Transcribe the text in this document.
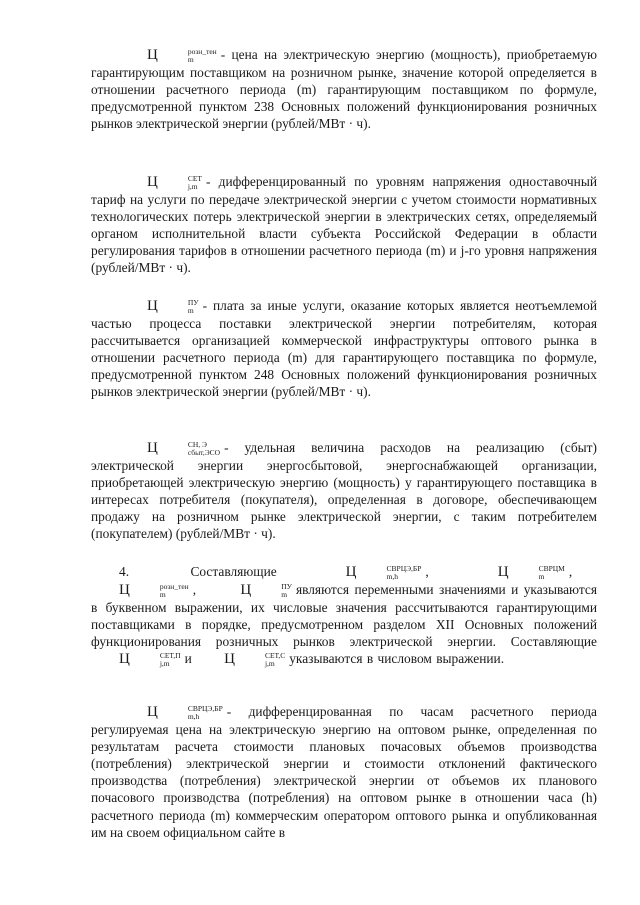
Ц	розн_тен
m	- цена на электрическую энергию (мощность), приобретаемую гарантирующим поставщиком на розничном рынке, значение которой определяется в отношении расчетного периода (m) гарантирующим поставщиком по формуле, предусмотренной пунктом 238 Основных положений функционирования розничных рынков электрической энергии (рублей/МВт · ч).

Ц	СЕТ
j,m - дифференцированный по уровням напряжения одноставочный тариф на услуги по передаче электрической энергии с учетом стоимости нормативных технологических потерь электрической энергии в электрических сетях, определяемый органом исполнительной власти субъекта Российской Федерации в области регулирования тарифов в отношении расчетного периода (m) и j-го уровня напряжения (рублей/МВт · ч).

Ц	ПУ
m - плата за иные услуги, оказание которых является неотъемлемой частью процесса поставки электрической энергии потребителям, которая рассчитывается организацией коммерческой инфраструктуры оптового рынка в отношении расчетного периода (m) для гарантирующего поставщика по формуле, предусмотренной пунктом 248 Основных положений функционирования розничных рынков электрической энергии (рублей/МВт · ч).

Ц	СН, Э
сбыт,ЭСО - удельная величина расходов на реализацию (сбыт) электрической энергии энергосбытовой, энергоснабжающей организации, приобретающей электрическую энергию (мощность) у гарантирующего поставщика в интересах потребителя (покупателя), определенная в договоре, обеспечивающем продажу на розничном рынке электрической энергии, с таким потребителем (покупателем) (рублей/МВт · ч).

4.	Составляющие	Ц	СВРЦЭ,БР
m,h	,    Ц	СВРЦМ
m	,    Ц	розн_тен
m	,   Ц	ПУ
m являются переменными значениями и указываются в буквенном выражении, их числовые значения рассчитываются гарантирующими поставщиками в порядке, предусмотренном разделом XII Основных положений функционирования розничных рынков электрической энергии. Составляющие Ц	СЕТ,П
j,m	и Ц	СЕТ,С
j,m	указываются в числовом выражении.

Ц	СВРЦЭ,БР
m,h	- дифференцированная по часам расчетного периода регулируемая цена на электрическую энергию на оптовом рынке, определенная по результатам расчета стоимости плановых почасовых объемов производства (потребления) электрической энергии и стоимости отклонений фактического производства (потребления) электрической энергии от объемов их планового почасового производства (потребления) на оптовом рынке в отношении часа (h) расчетного периода (m) коммерческим оператором оптового рынка и опубликованная им на своем официальном сайте в
